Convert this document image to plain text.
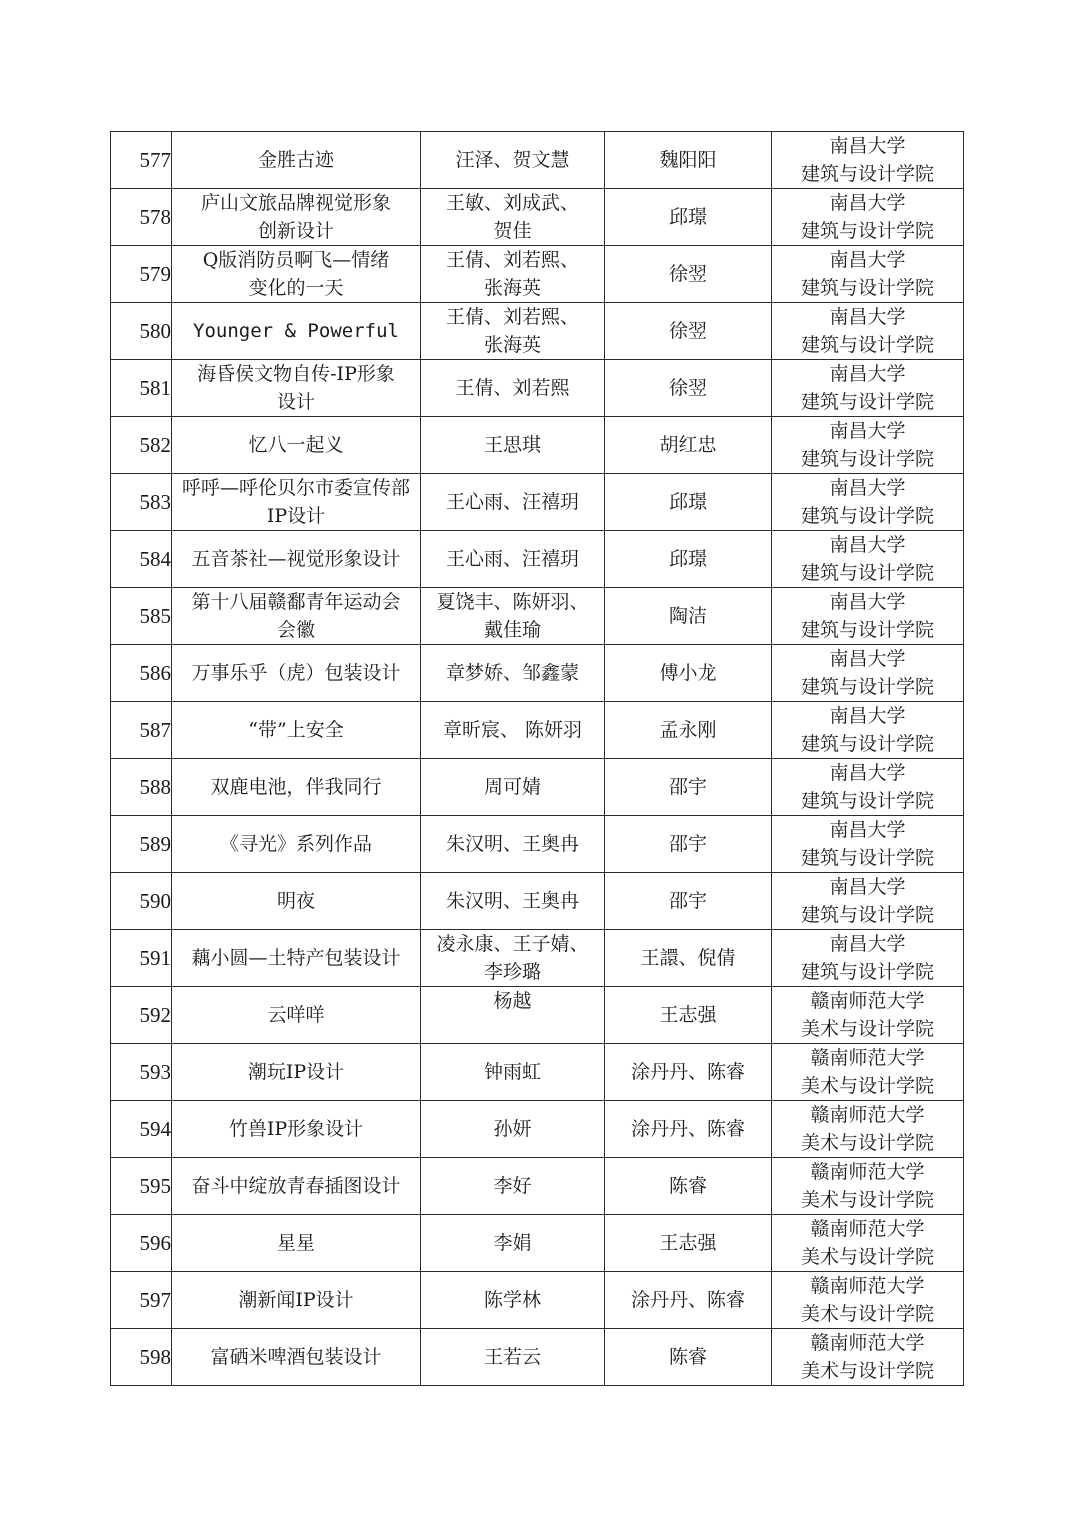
577	金胜古迹	汪泽、贺文慧	魏阳阳	南昌大学
建筑与设计学院

578	庐山文旅品牌视觉形象
创新设计	王敏、刘成武、
贺佳	邱璟	南昌大学
建筑与设计学院

579	Q版消防员啊飞—情绪
变化的一天	王倩、刘若熙、
张海英	徐翌	南昌大学
建筑与设计学院

580	Younger & Powerful	王倩、刘若熙、
张海英	徐翌	南昌大学
建筑与设计学院

581	海昏侯文物自传-IP形象
设计	王倩、刘若熙	徐翌	南昌大学
建筑与设计学院

582	忆八一起义	王思琪	胡红忠	南昌大学
建筑与设计学院

583	呼呼—呼伦贝尔市委宣传部
IP设计	王心雨、汪禧玥	邱璟	南昌大学
建筑与设计学院

584	五音茶社—视觉形象设计	王心雨、汪禧玥	邱璟	南昌大学
建筑与设计学院

585	第十八届赣鄱青年运动会
会徽	夏饶丰、陈妍羽、
戴佳瑜	陶洁	南昌大学
建筑与设计学院

586	万事乐乎（虎）包装设计	章梦娇、邹鑫蒙	傅小龙	南昌大学
建筑与设计学院

587	“带”上安全	章昕宸、 陈妍羽	孟永刚	南昌大学
建筑与设计学院

588	双鹿电池，伴我同行	周可婧	邵宇	南昌大学
建筑与设计学院

589	《寻光》系列作品	朱汉明、王奥冉	邵宇	南昌大学
建筑与设计学院

590	明夜	朱汉明、王奥冉	邵宇	南昌大学
建筑与设计学院

591	藕小圆—土特产包装设计	凌永康、王子婧、
李珍璐	王譞、倪倩	南昌大学
建筑与设计学院

592	云咩咩	杨越	王志强	赣南师范大学
美术与设计学院

593	潮玩IP设计	钟雨虹	涂丹丹、陈睿	赣南师范大学
美术与设计学院

594	竹兽IP形象设计	孙妍	涂丹丹、陈睿	赣南师范大学
美术与设计学院

595	奋斗中绽放青春插图设计	李好	陈睿	赣南师范大学
美术与设计学院

596	星星	李娟	王志强	赣南师范大学
美术与设计学院

597	潮新闻IP设计	陈学林	涂丹丹、陈睿	赣南师范大学
美术与设计学院

598	富硒米啤酒包装设计	王若云	陈睿	赣南师范大学
美术与设计学院
